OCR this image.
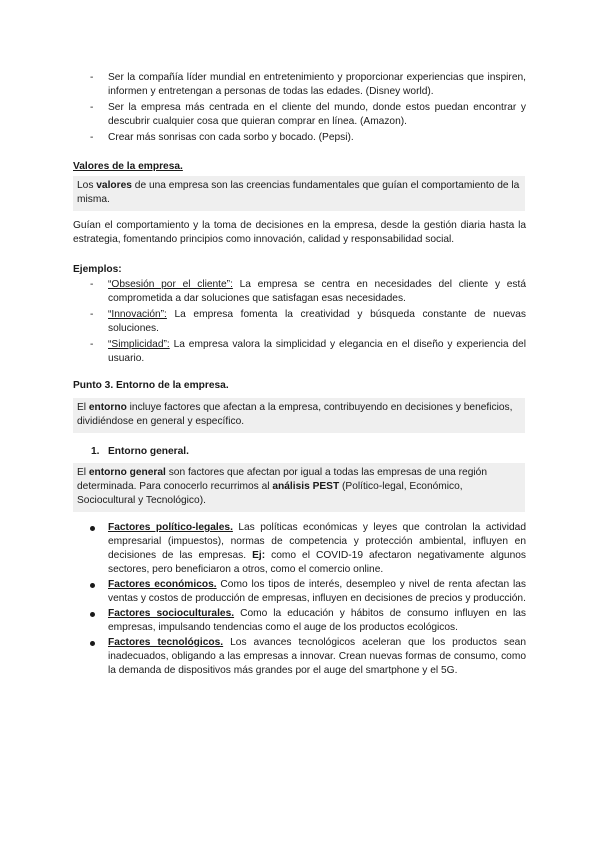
- Ser la compañía líder mundial en entretenimiento y proporcionar experiencias que inspiren, informen y entretengan a personas de todas las edades. (Disney world).
- Ser la empresa más centrada en el cliente del mundo, donde estos puedan encontrar y descubrir cualquier cosa que quieran comprar en línea. (Amazon).
- Crear más sonrisas con cada sorbo y bocado. (Pepsi).
Valores de la empresa.
Los valores de una empresa son las creencias fundamentales que guían el comportamiento de la misma.
Guían el comportamiento y la toma de decisiones en la empresa, desde la gestión diaria hasta la estrategia, fomentando principios como innovación, calidad y responsabilidad social.
Ejemplos:
- “Obsesión por el cliente”: La empresa se centra en necesidades del cliente y está comprometida a dar soluciones que satisfagan esas necesidades.
- “Innovación”: La empresa fomenta la creatividad y búsqueda constante de nuevas soluciones.
- “Simplicidad”: La empresa valora la simplicidad y elegancia en el diseño y experiencia del usuario.
Punto 3. Entorno de la empresa.
El entorno incluye factores que afectan a la empresa, contribuyendo en decisiones y beneficios, dividiéndose en general y específico.
1. Entorno general.
El entorno general son factores que afectan por igual a todas las empresas de una región determinada. Para conocerlo recurrimos al análisis PEST (Político-legal, Económico, Sociocultural y Tecnológico).
Factores político-legales. Las políticas económicas y leyes que controlan la actividad empresarial (impuestos), normas de competencia y protección ambiental, influyen en decisiones de las empresas. Ej: como el COVID-19 afectaron negativamente algunos sectores, pero beneficiaron a otros, como el comercio online.
Factores económicos. Como los tipos de interés, desempleo y nivel de renta afectan las ventas y costos de producción de empresas, influyen en decisiones de precios y producción.
Factores socioculturales. Como la educación y hábitos de consumo influyen en las empresas, impulsando tendencias como el auge de los productos ecológicos.
Factores tecnológicos. Los avances tecnológicos aceleran que los productos sean inadecuados, obligando a las empresas a innovar. Crean nuevas formas de consumo, como la demanda de dispositivos más grandes por el auge del smartphone y el 5G.
